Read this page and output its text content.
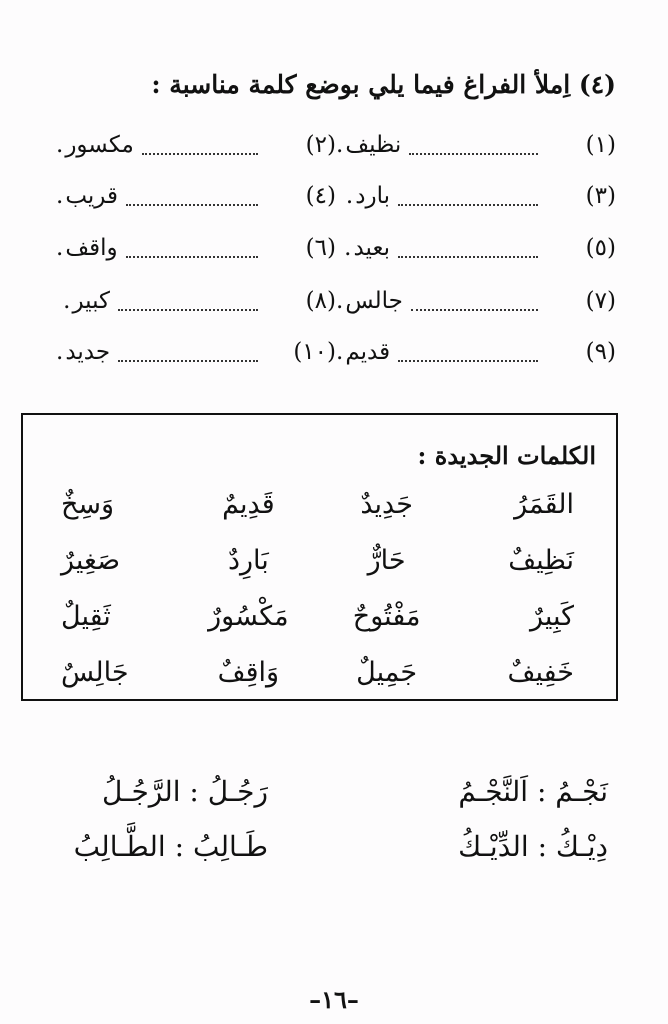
(٤) اِملأ الفراغ فيما يلي بوضع كلمة مناسبة :
(١)
نظيف
.
(٢)
مكسور
.
(٣)
بارد
.
(٤)
قريب
.
(٥)
بعيد
.
(٦)
واقف
.
(٧)
جالس
.
(٨)
كبير
.
(٩)
قديم
.
(١٠)
جديد
.
الكلمات الجديدة :
القَمَرُ
جَدِيدٌ
قَدِيمٌ
وَسِخٌ
نَظِيفٌ
حَارٌّ
بَارِدٌ
صَغِيرٌ
كَبِيرٌ
مَفْتُوحٌ
مَكْسُورٌ
ثَقِيلٌ
خَفِيفٌ
جَمِيلٌ
وَاقِفٌ
جَالِسٌ
نَجْـمُ : اَلنَّجْـمُ
رَجُـلُ : الرَّجُـلُ
دِيْـكُ : الدِّيْـكُ
طَـالِبُ : الطَّـالِبُ
–١٦–
